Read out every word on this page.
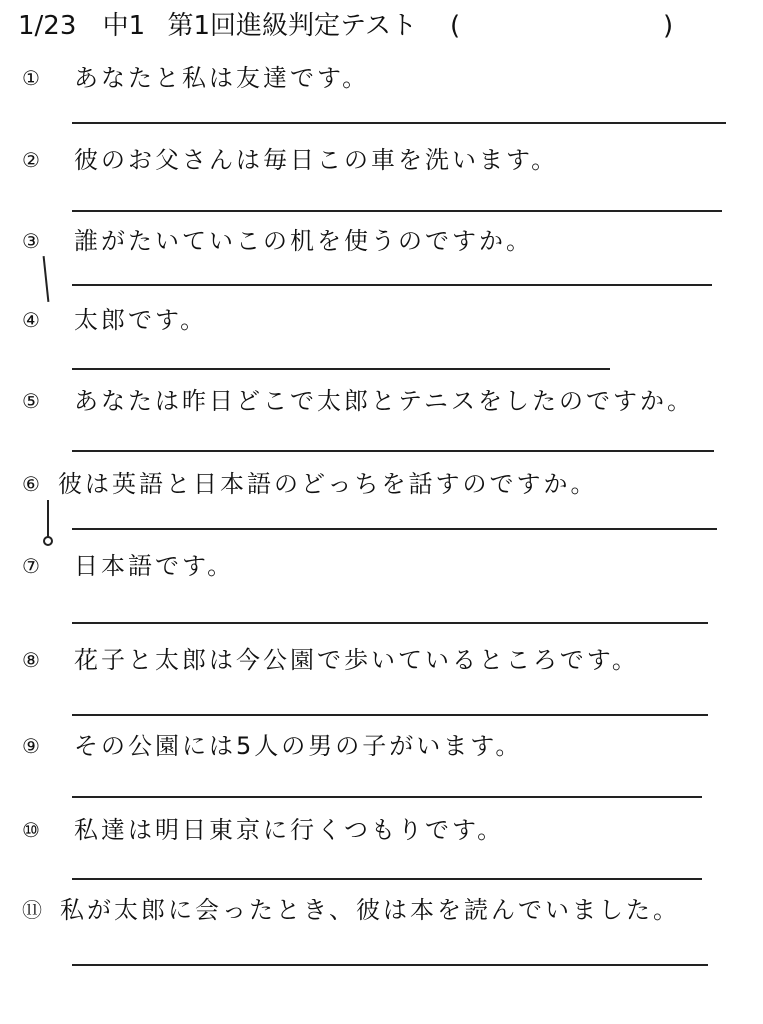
1/23 中1 第1回進級判定テスト (	)
① あなたと私は友達です。
② 彼のお父さんは毎日この車を洗います。
③ 誰がたいていこの机を使うのですか。
④ 太郎です。
⑤ あなたは昨日どこで太郎とテニスをしたのですか。
⑥ 彼は英語と日本語のどっちを話すのですか。
⑦ 日本語です。
⑧ 花子と太郎は今公園で歩いているところです。
⑨ その公園には5人の男の子がいます。
⑩ 私達は明日東京に行くつもりです。
⑪ 私が太郎に会ったとき、彼は本を読んでいました。
